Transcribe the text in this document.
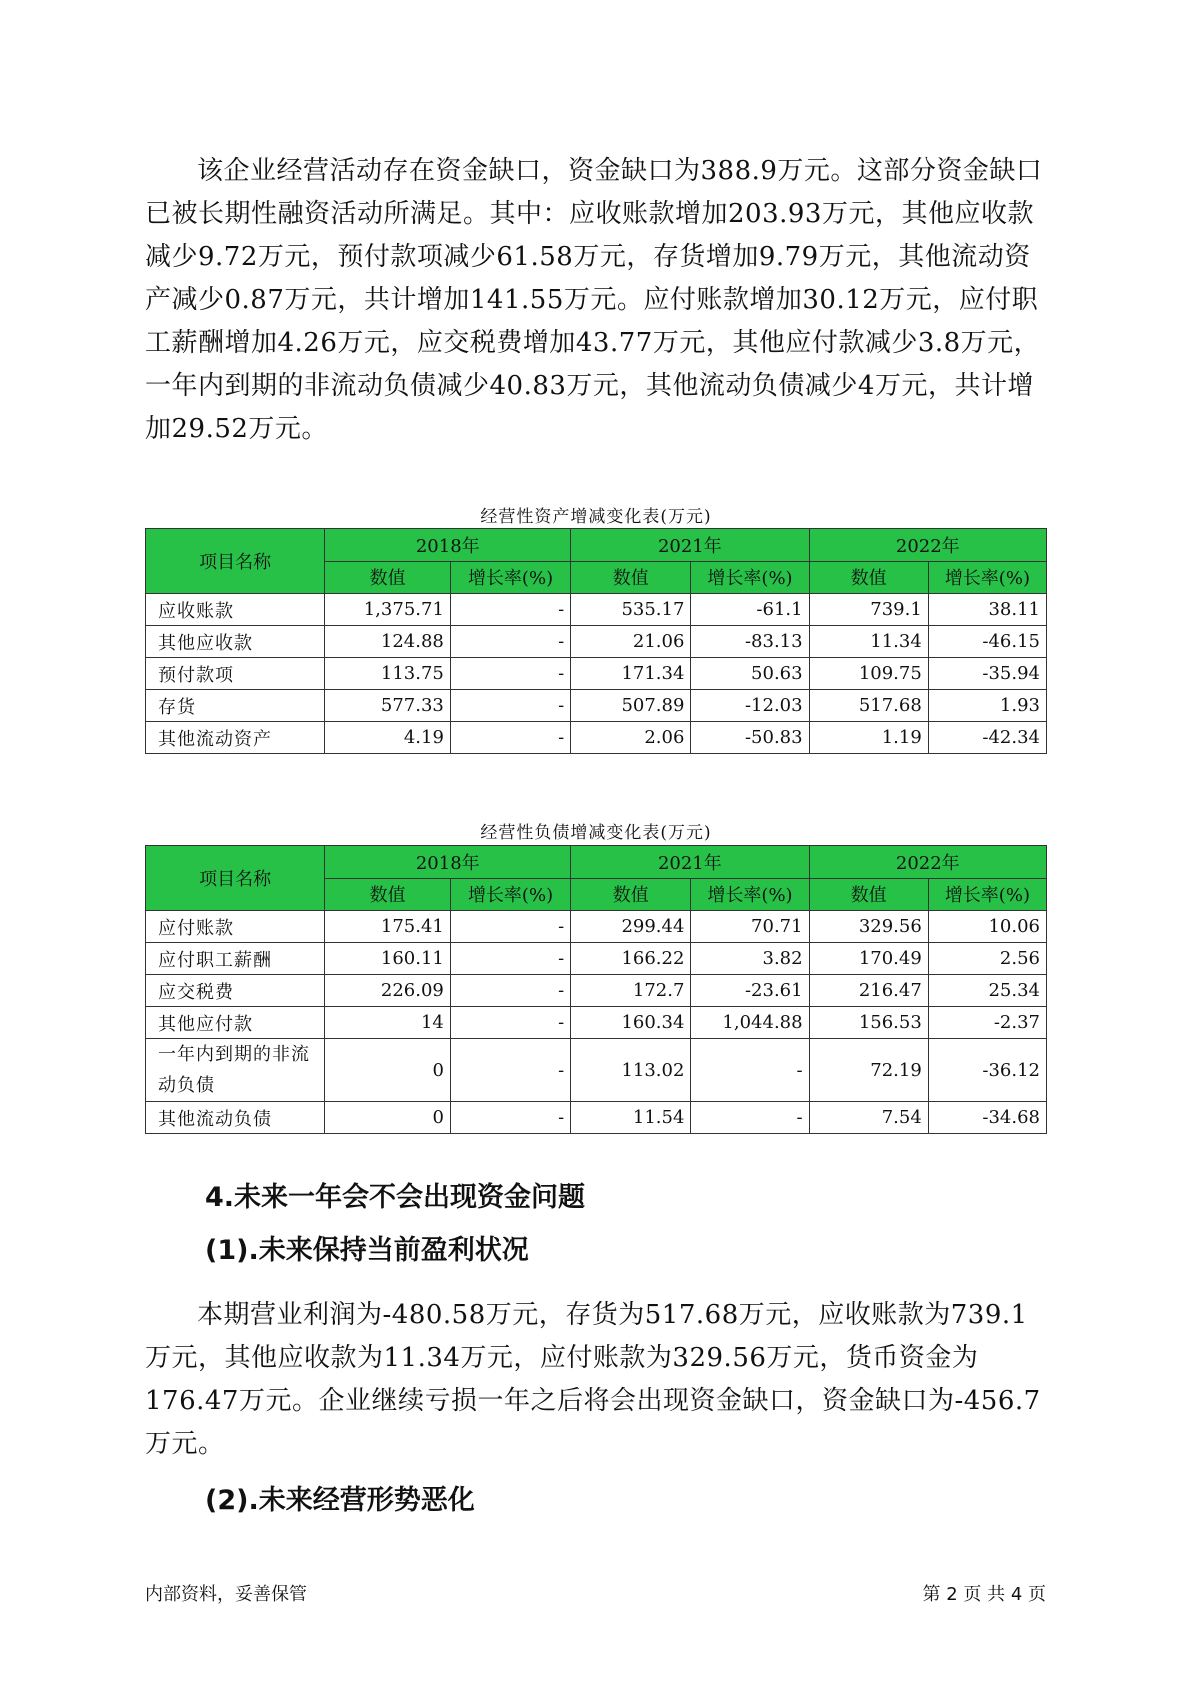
该企业经营活动存在资金缺口，资金缺口为388.9万元。这部分资金缺口已被长期性融资活动所满足。其中：应收账款增加203.93万元，其他应收款减少9.72万元，预付款项减少61.58万元，存货增加9.79万元，其他流动资产减少0.87万元，共计增加141.55万元。应付账款增加30.12万元，应付职工薪酬增加4.26万元，应交税费增加43.77万元，其他应付款减少3.8万元，一年内到期的非流动负债减少40.83万元，其他流动负债减少4万元，共计增加29.52万元。

经营性资产增减变化表(万元)
项目名称	2018年		2021年		2022年	
	数值	增长率(%)	数值	增长率(%)	数值	增长率(%)
应收账款	1,375.71	-	535.17	-61.1	739.1	38.11
其他应收款	124.88	-	21.06	-83.13	11.34	-46.15
预付款项	113.75	-	171.34	50.63	109.75	-35.94
存货	577.33	-	507.89	-12.03	517.68	1.93
其他流动资产	4.19	-	2.06	-50.83	1.19	-42.34
经营性负债增减变化表(万元)
项目名称	2018年		2021年		2022年	
	数值	增长率(%)	数值	增长率(%)	数值	增长率(%)
应付账款	175.41	-	299.44	70.71	329.56	10.06
应付职工薪酬	160.11	-	166.22	3.82	170.49	2.56
应交税费	226.09	-	172.7	-23.61	216.47	25.34
其他应付款	14	-	160.34	1,044.88	156.53	-2.37
一年内到期的非流动负债	0	-	113.02	-	72.19	-36.12
其他流动负债	0	-	11.54	-	7.54	-34.68
4.未来一年会不会出现资金问题
(1).未来保持当前盈利状况

本期营业利润为-480.58万元，存货为517.68万元，应收账款为739.1万元，其他应收款为11.34万元，应付账款为329.56万元，货币资金为176.47万元。企业继续亏损一年之后将会出现资金缺口，资金缺口为-456.7万元。

(2).未来经营形势恶化
内部资料，妥善保管	第 2 页 共 4 页
